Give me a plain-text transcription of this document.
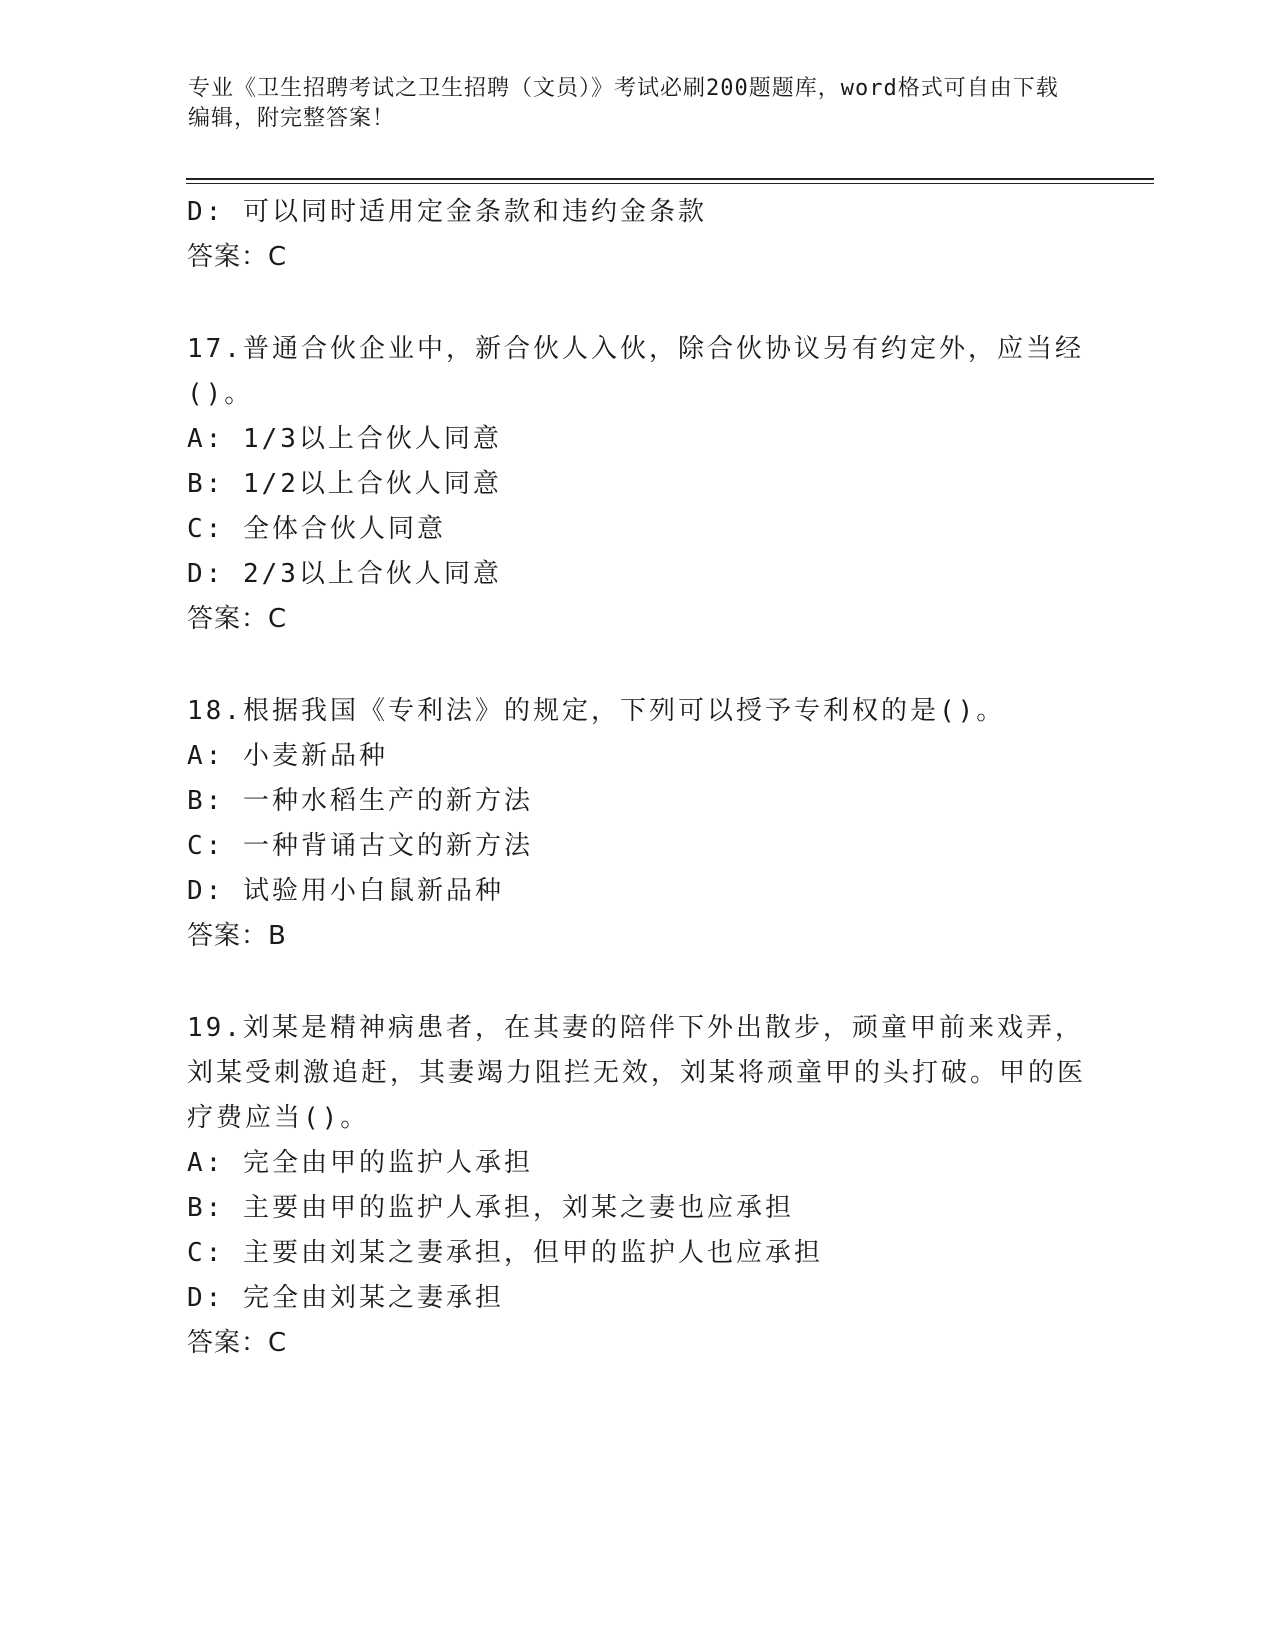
专业《卫生招聘考试之卫生招聘（文员）》考试必刷200题题库，word格式可自由下载编辑，附完整答案！
D: 可以同时适用定金条款和违约金条款
答案：C
17.普通合伙企业中，新合伙人入伙，除合伙协议另有约定外，应当经()。
A: 1/3以上合伙人同意
B: 1/2以上合伙人同意
C: 全体合伙人同意
D: 2/3以上合伙人同意
答案：C
18.根据我国《专利法》的规定，下列可以授予专利权的是()。
A: 小麦新品种
B: 一种水稻生产的新方法
C: 一种背诵古文的新方法
D: 试验用小白鼠新品种
答案：B
19.刘某是精神病患者，在其妻的陪伴下外出散步，顽童甲前来戏弄，刘某受刺激追赶，其妻竭力阻拦无效，刘某将顽童甲的头打破。甲的医疗费应当()。
A: 完全由甲的监护人承担
B: 主要由甲的监护人承担，刘某之妻也应承担
C: 主要由刘某之妻承担，但甲的监护人也应承担
D: 完全由刘某之妻承担
答案：C
